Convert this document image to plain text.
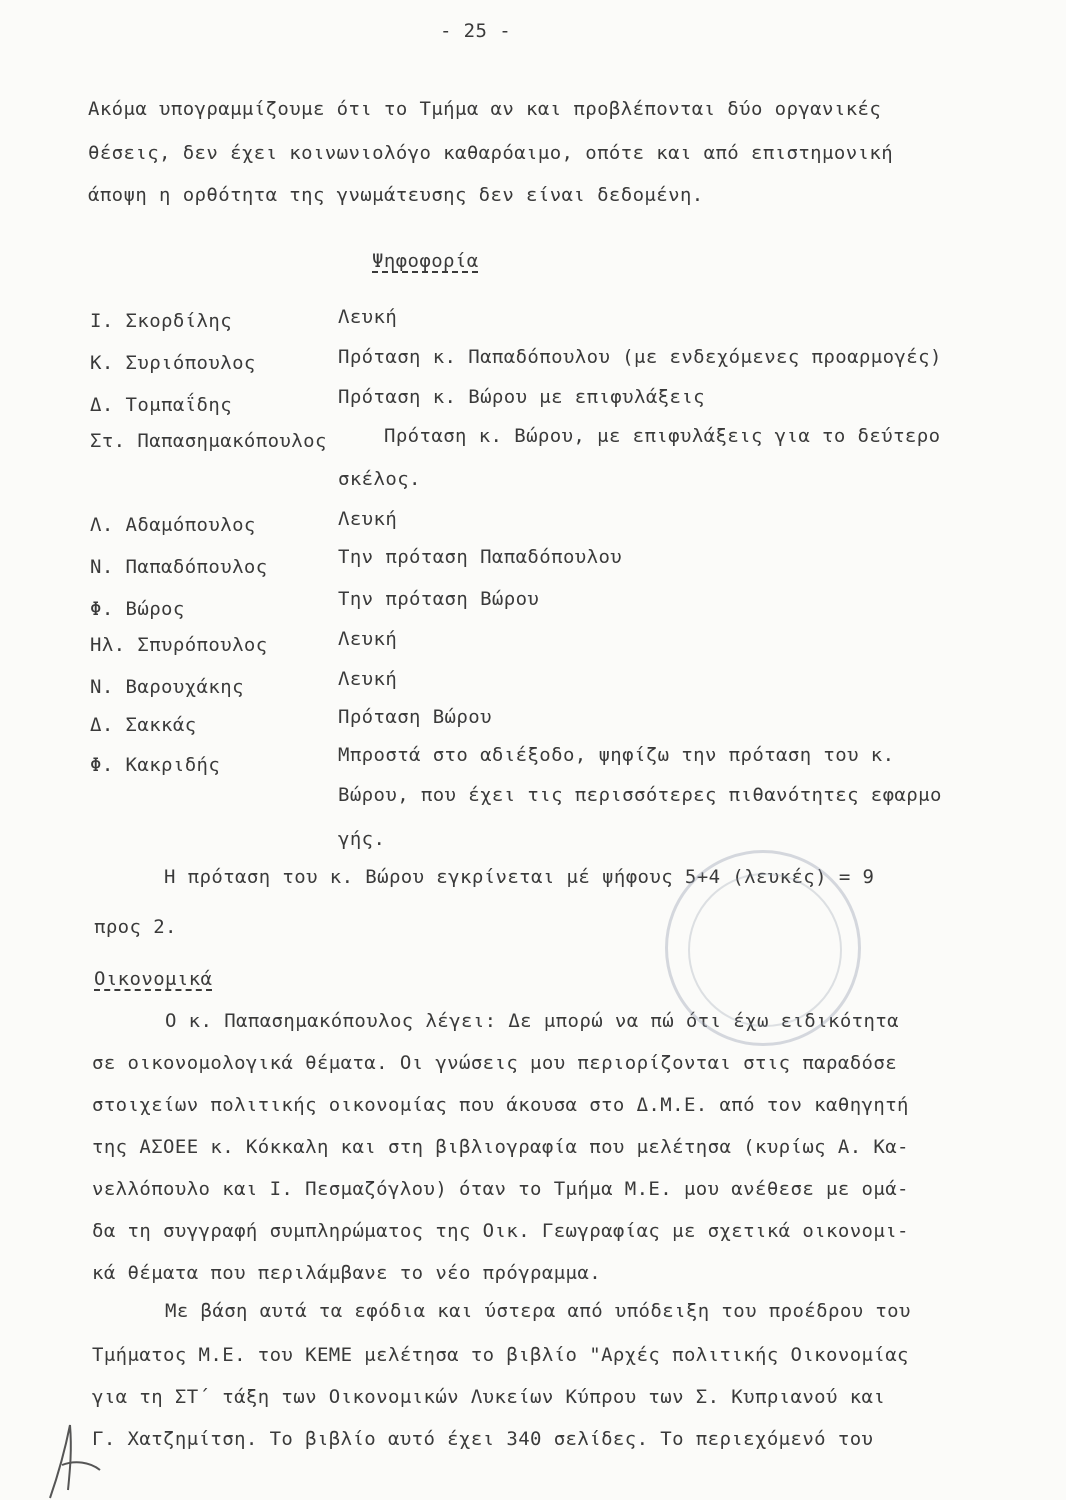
- 25 -
Ακόμα υπογραμμίζουμε ότι το Τμήμα αν και προβλέπονται δύο οργανικές
θέσεις, δεν έχει κοινωνιολόγο καθαρόαιμο, οπότε και από επιστημονική
άποψη η ορθότητα της γνωμάτευσης δεν είναι δεδομένη.
Ψηφοφορία
Ι. Σκορδίλης	Λευκή
Κ. Συριόπουλος	Πρόταση κ. Παπαδόπουλου (με ενδεχόμενες προαρμογές)
Δ. Τομπαΐδης	Πρόταση κ. Βώρου με επιφυλάξεις
Στ. Παπασημακόπουλος	Πρόταση κ. Βώρου, με επιφυλάξεις για το δεύτερο
σκέλος.
Λ. Αδαμόπουλος	Λευκή
Ν. Παπαδόπουλος	Την πρόταση Παπαδόπουλου
Φ. Βώρος	Την πρόταση Βώρου
Ηλ. Σπυρόπουλος	Λευκή
Ν. Βαρουχάκης	Λευκή
Δ. Σακκάς	Πρόταση Βώρου
Φ. Κακριδής	Μπροστά στο αδιέξοδο, ψηφίζω την πρόταση του κ.
Βώρου, που έχει τις περισσότερες πιθανότητες εφαρμο
γής.
Η πρόταση του κ. Βώρου εγκρίνεται μέ ψήφους 5+4 (λευκές) = 9
προς 2.
Οικονομικά
Ο κ. Παπασημακόπουλος λέγει: Δε μπορώ να πώ ότι έχω ειδικότητα
σε οικονομολογικά θέματα. Οι γνώσεις μου περιορίζονται στις παραδόσε
στοιχείων πολιτικής οικονομίας που άκουσα στο Δ.Μ.Ε. από τον καθηγητή
της ΑΣΟΕΕ κ. Κόκκαλη και στη βιβλιογραφία που μελέτησα (κυρίως Α. Κα-
νελλόπουλο και Ι. Πεσμαζόγλου) όταν το Τμήμα Μ.Ε. μου ανέθεσε με ομά-
δα τη συγγραφή συμπληρώματος της Οικ. Γεωγραφίας με σχετικά οικονομι-
κά θέματα που περιλάμβανε το νέο πρόγραμμα.
Με βάση αυτά τα εφόδια και ύστερα από υπόδειξη του προέδρου του
Τμήματος Μ.Ε. του ΚΕΜΕ μελέτησα το βιβλίο "Αρχές πολιτικής Οικονομίας
για τη ΣΤ΄ τάξη των Οικονομικών Λυκείων Κύπρου των Σ. Κυπριανού και
Γ. Χατζημίτση. Το βιβλίο αυτό έχει 340 σελίδες. Το περιεχόμενό του
